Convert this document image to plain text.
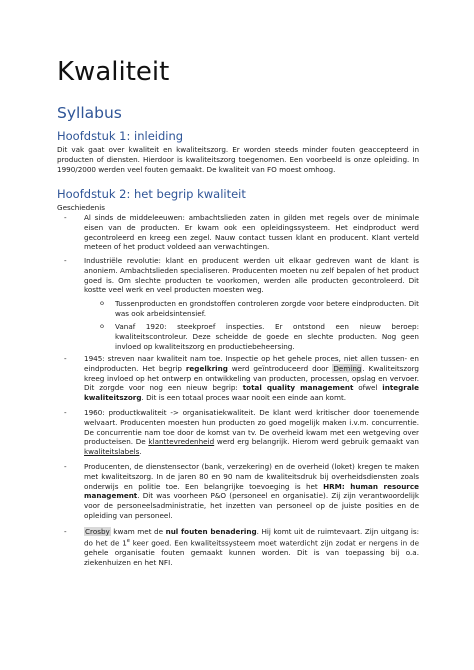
Kwaliteit
Syllabus
Hoofdstuk 1: inleiding
Dit vak gaat over kwaliteit en kwaliteitszorg. Er worden steeds minder fouten geaccepteerd in producten of diensten. Hierdoor is kwaliteitszorg toegenomen. Een voorbeeld is onze opleiding. In 1990/2000 werden veel fouten gemaakt. De kwaliteit van FO moest omhoog.
Hoofdstuk 2: het begrip kwaliteit
Geschiedenis
- Al sinds de middeleeuwen: ambachtslieden zaten in gilden met regels over de minimale eisen van de producten. Er kwam ook een opleidingssysteem. Het eindproduct werd gecontroleerd en kreeg een zegel. Nauw contact tussen klant en producent. Klant verteld meteen of het product voldeed aan verwachtingen.
- Industriële revolutie: klant en producent werden uit elkaar gedreven want de klant is anoniem. Ambachtslieden specialiseren. Producenten moeten nu zelf bepalen of het product goed is. Om slechte producten te voorkomen, werden alle producten gecontroleerd. Dit kostte veel werk en veel producten moesten weg.
o Tussenproducten en grondstoffen controleren zorgde voor betere eindproducten. Dit was ook arbeidsintensief.
o Vanaf 1920: steekproef inspecties. Er ontstond een nieuw beroep: kwaliteitscontroleur. Deze scheidde de goede en slechte producten. Nog geen invloed op kwaliteitszorg en productiebeheersing.
- 1945: streven naar kwaliteit nam toe. Inspectie op het gehele proces, niet allen tussen- en eindproducten. Het begrip regelkring werd geïntroduceerd door Deming. Kwaliteitszorg kreeg invloed op het ontwerp en ontwikkeling van producten, processen, opslag en vervoer. Dit zorgde voor nog een nieuw begrip: total quality management ofwel integrale kwaliteitszorg. Dit is een totaal proces waar nooit een einde aan komt.
- 1960: productkwaliteit -> organisatiekwaliteit. De klant werd kritischer door toenemende welvaart. Producenten moesten hun producten zo goed mogelijk maken i.v.m. concurrentie. De concurrentie nam toe door de komst van tv. De overheid kwam met een wetgeving over producteisen. De klanttevredenheid werd erg belangrijk. Hierom werd gebruik gemaakt van kwaliteitslabels.
- Producenten, de dienstensector (bank, verzekering) en de overheid (loket) kregen te maken met kwaliteitszorg. In de jaren 80 en 90 nam de kwaliteitsdruk bij overheidsdiensten zoals onderwijs en politie toe. Een belangrijke toevoeging is het HRM: human resource management. Dit was voorheen P&O (personeel en organisatie). Zij zijn verantwoordelijk voor de personeelsadministratie, het inzetten van personeel op de juiste posities en de opleiding van personeel.
-	Crosby kwam met de nul fouten benadering. Hij komt uit de ruimtevaart. Zijn uitgang is: do het de 1e keer goed. Een kwaliteitssysteem moet waterdicht zijn zodat er nergens in de gehele organisatie fouten gemaakt kunnen worden. Dit is van toepassing bij o.a. ziekenhuizen en het NFI.
